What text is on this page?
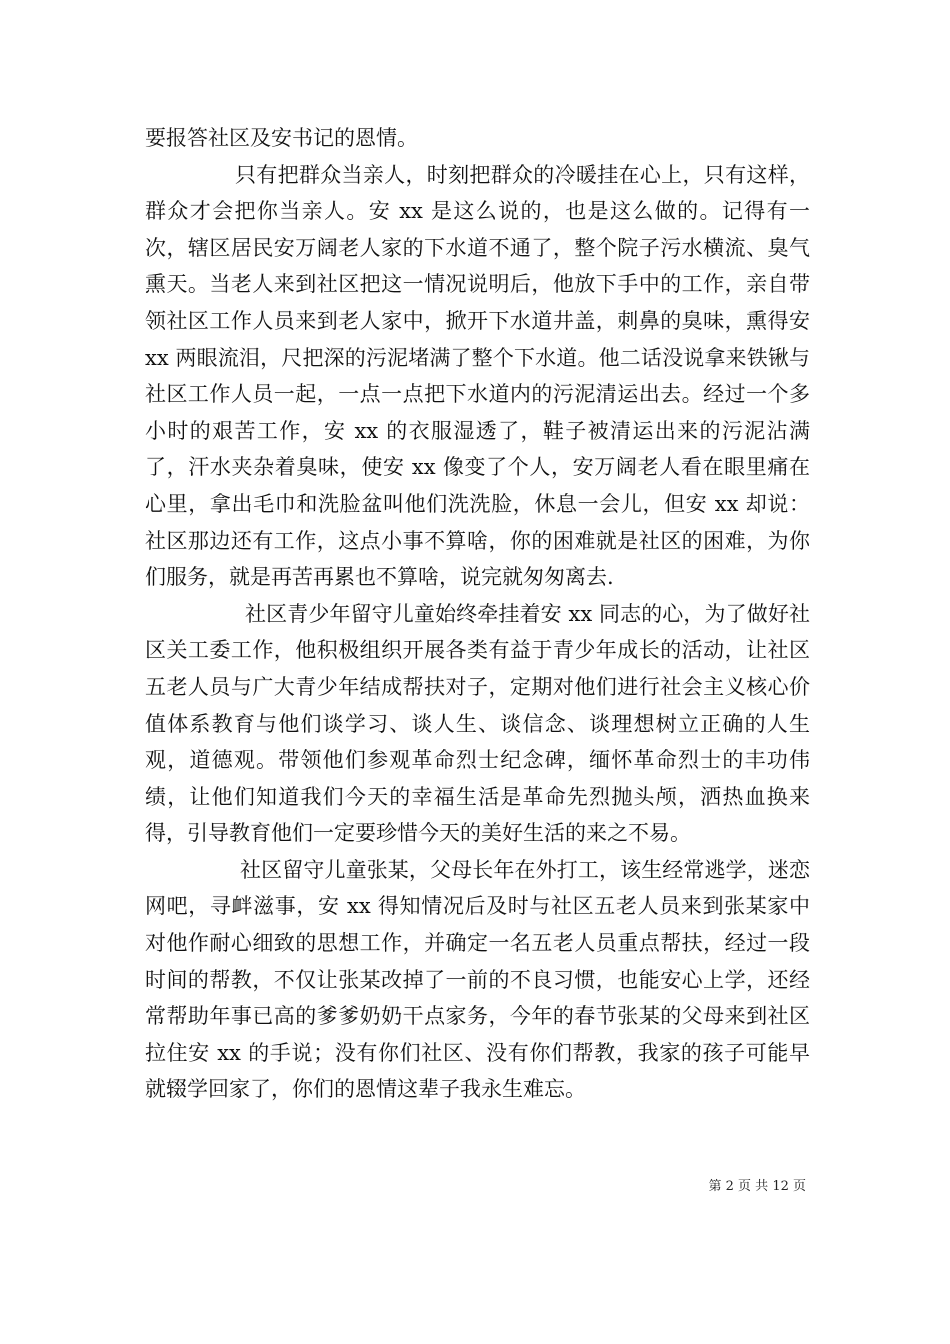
要报答社区及安书记的恩情。

只有把群众当亲人，时刻把群众的冷暖挂在心上，只有这样，群众才会把你当亲人。安 xx 是这么说的，也是这么做的。记得有一次，辖区居民安万阔老人家的下水道不通了，整个院子污水横流、臭气熏天。当老人来到社区把这一情况说明后，他放下手中的工作，亲自带领社区工作人员来到老人家中，掀开下水道井盖，刺鼻的臭味，熏得安 xx 两眼流泪，尺把深的污泥堵满了整个下水道。他二话没说拿来铁锹与社区工作人员一起，一点一点把下水道内的污泥清运出去。经过一个多小时的艰苦工作，安 xx 的衣服湿透了，鞋子被清运出来的污泥沾满了，汗水夹杂着臭味，使安 xx 像变了个人，安万阔老人看在眼里痛在心里，拿出毛巾和洗脸盆叫他们洗洗脸，休息一会儿，但安 xx 却说：社区那边还有工作，这点小事不算啥，你的困难就是社区的困难，为你们服务，就是再苦再累也不算啥，说完就匆匆离去.

社区青少年留守儿童始终牵挂着安 xx 同志的心，为了做好社区关工委工作，他积极组织开展各类有益于青少年成长的活动，让社区五老人员与广大青少年结成帮扶对子，定期对他们进行社会主义核心价值体系教育与他们谈学习、谈人生、谈信念、谈理想树立正确的人生观，道德观。带领他们参观革命烈士纪念碑，缅怀革命烈士的丰功伟绩，让他们知道我们今天的幸福生活是革命先烈抛头颅，洒热血换来得，引导教育他们一定要珍惜今天的美好生活的来之不易。

社区留守儿童张某，父母长年在外打工，该生经常逃学，迷恋网吧，寻衅滋事，安 xx 得知情况后及时与社区五老人员来到张某家中对他作耐心细致的思想工作，并确定一名五老人员重点帮扶，经过一段时间的帮教，不仅让张某改掉了一前的不良习惯，也能安心上学，还经常帮助年事已高的爹爹奶奶干点家务，今年的春节张某的父母来到社区拉住安 xx 的手说；没有你们社区、没有你们帮教，我家的孩子可能早就辍学回家了，你们的恩情这辈子我永生难忘。

第 2 页 共 12 页
